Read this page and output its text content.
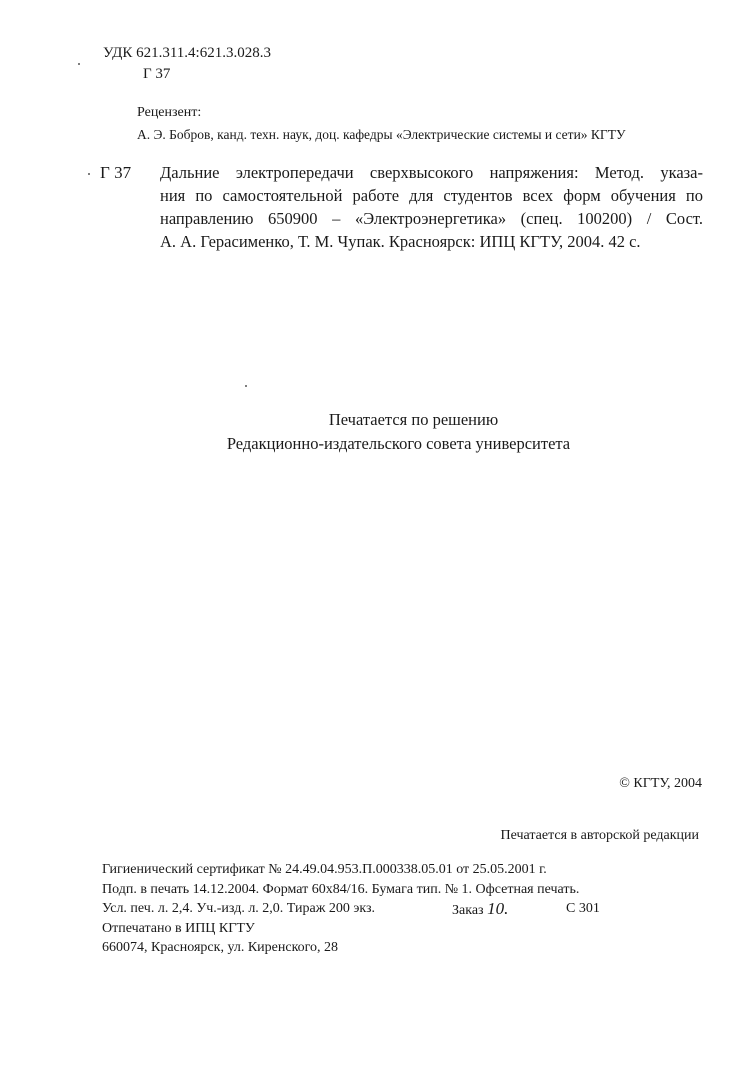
УДК 621.311.4:621.3.028.3
Г 37
Рецензент:
А. Э. Бобров, канд. техн. наук, доц. кафедры «Электрические системы и сети» КГТУ
Г 37 Дальние электропередачи сверхвысокого напряжения: Метод. указа-
ния по самостоятельной работе для студентов всех форм обучения по
направлению 650900 – «Электроэнергетика» (спец. 100200) / Сост.
А. А. Герасименко, Т. М. Чупак. Красноярск: ИПЦ КГТУ, 2004. 42 с.
Печатается по решению
Редакционно-издательского совета университета
© КГТУ, 2004
Печатается в авторской редакции
Гигиенический сертификат № 24.49.04.953.П.000338.05.01 от 25.05.2001 г.
Подп. в печать 14.12.2004. Формат 60х84/16. Бумага тип. № 1. Офсетная печать.
Усл. печ. л. 2,4. Уч.-изд. л. 2,0. Тираж 200 экз.	Заказ 10.	С 301
Отпечатано в ИПЦ КГТУ
660074, Красноярск, ул. Киренского, 28
